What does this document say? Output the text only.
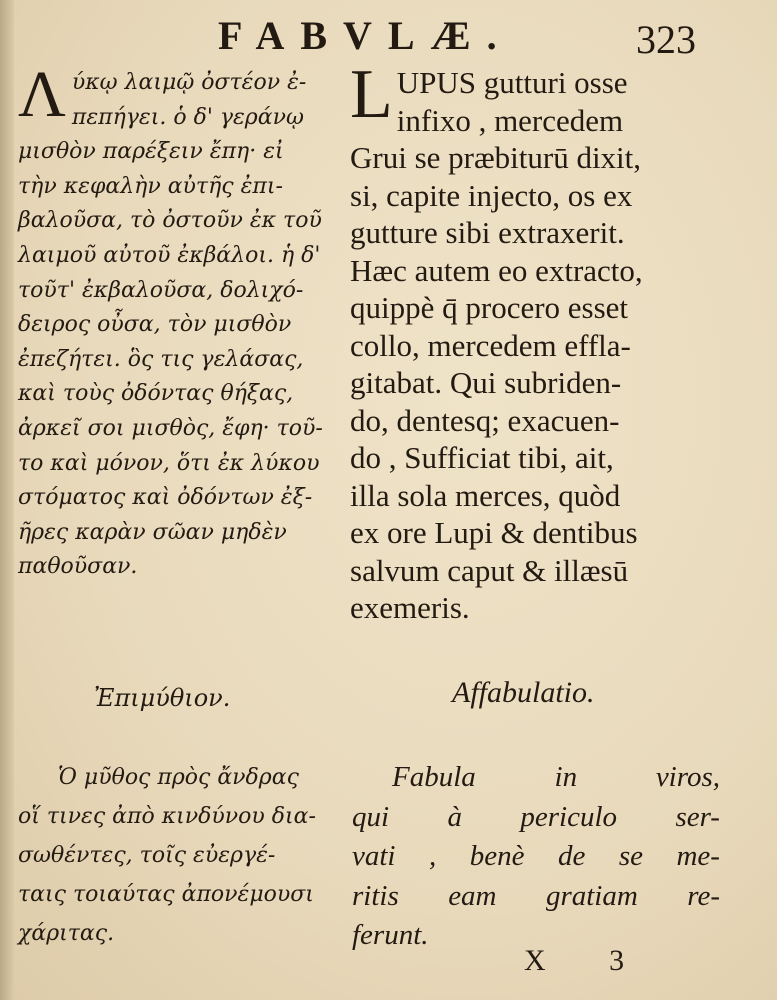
FABVLÆ.	323
Λ ύκῳ λαιμῷ ὀστέον ἐ-
πεπήγει. ὁ δ' γεράνῳ
μισθὸν παρέξειν ἔπη· εἰ
τὴν κεφαλὴν αὐτῆς ἐπι-
βαλοῦσα, τὸ ὀστοῦν ἐκ τοῦ
λαιμοῦ αὐτοῦ ἐκβάλοι. ἡ δ'
τοῦτ' ἐκβαλοῦσα, δολιχό-
δειρος οὖσα, τὸν μισθὸν
ἐπεζήτει. ὃς τις γελάσας,
καὶ τοὺς ὀδόντας θήξας,
ἀρκεῖ σοι μισθὸς, ἔφη· τοῦ-
το καὶ μόνον, ὅτι ἐκ λύκου
στόματος καὶ ὀδόντων ἐξ-
ῆρες καρὰν σῶαν μηδὲν
παθοῦσαν.
L UPUS gutturi osse
infixo , mercedem
Grui se præbiturū dixit,
si, capite injecto, os ex
gutture sibi extraxerit.
Hæc autem eo extracto,
quippè q̄ procero esset
collo, mercedem effla-
gitabat. Qui subriden-
do, dentesq; exacuen-
do , Sufficiat tibi, ait,
illa sola merces, quòd
ex ore Lupi & dentibus
salvum caput & illæsū
exemeris.
Ἐπιμύθιον.	Affabulatio.
Ὁ μῦθος πρὸς ἄνδρας
οἵ τινες ἀπὸ κινδύνου δια-
σωθέντες, τοῖς εὐεργέ-
ταις τοιαύτας ἀπονέμουσι
χάριτας.
Fabula	in	viros,
qui à periculo ser-
vati , benè de se me-
ritis eam gratiam re-
ferunt.
X 3
